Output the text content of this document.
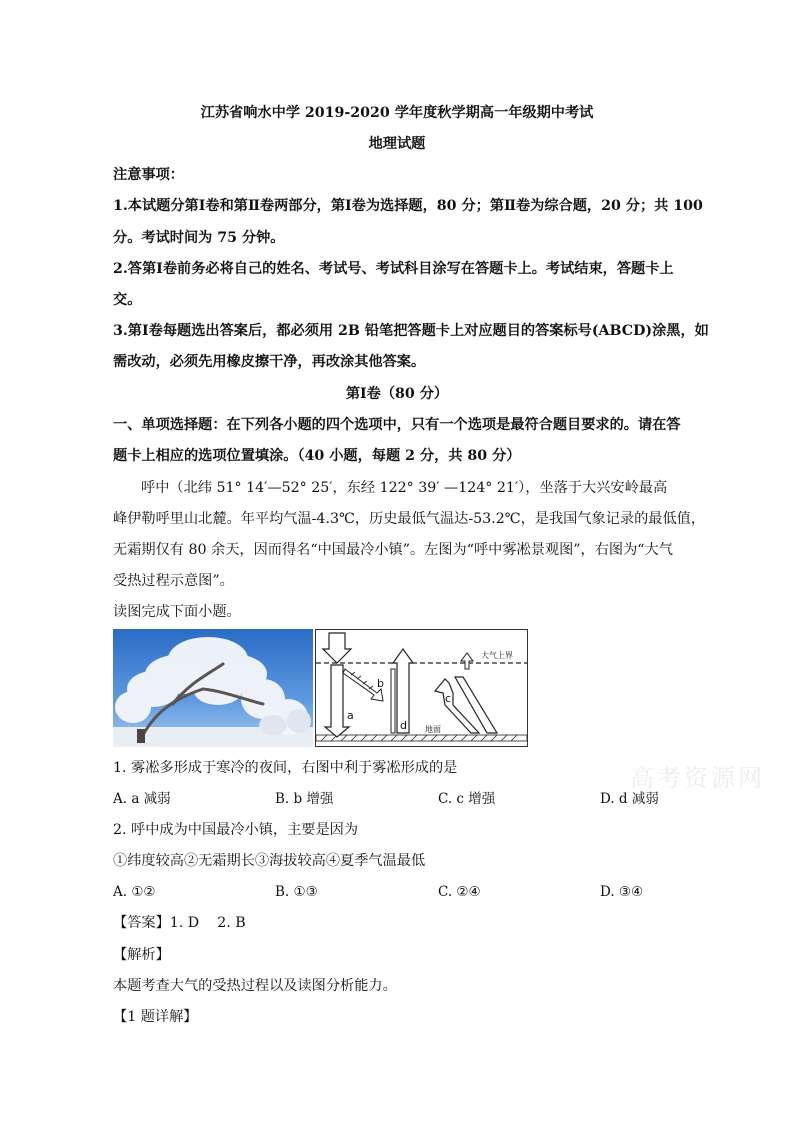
江苏省响水中学 2019-2020 学年度秋学期高一年级期中考试
地理试题
注意事项：
1.本试题分第Ⅰ卷和第Ⅱ卷两部分，第Ⅰ卷为选择题，80 分；第Ⅱ卷为综合题，20 分；共 100
分。考试时间为 75 分钟。
2.答第Ⅰ卷前务必将自己的姓名、考试号、考试科目涂写在答题卡上。考试结束，答题卡上
交。
3.第Ⅰ卷每题选出答案后，都必须用 2B 铅笔把答题卡上对应题目的答案标号(ABCD)涂黑，如
需改动，必须先用橡皮擦干净，再改涂其他答案。
第Ⅰ卷（80 分）
一、单项选择题：在下列各小题的四个选项中，只有一个选项是最符合题目要求的。请在答
题卡上相应的选项位置填涂。（40 小题，每题 2 分，共 80 分）
呼中（北纬 51° 14′—52° 25′，东经 122° 39′ —124° 21′），坐落于大兴安岭最高
峰伊勒呼里山北麓。年平均气温-4.3℃，历史最低气温达-53.2℃，是我国气象记录的最低值，
无霜期仅有 80 余天，因而得名“中国最冷小镇”。左图为“呼中雾凇景观图”，右图为“大气
受热过程示意图”。
读图完成下面小题。
大气上界
地面
a
b
d
c
高考资源网
1. 雾凇多形成于寒冷的夜间，右图中利于雾凇形成的是
A. a 减弱	B. b 增强	C. c 增强	D. d 减弱
2. 呼中成为中国最冷小镇，主要是因为
①纬度较高②无霜期长③海拔较高④夏季气温最低
A. ①②	B. ①③	C. ②④	D. ③④
【答案】1. D    2. B
【解析】
本题考查大气的受热过程以及读图分析能力。
【1 题详解】
